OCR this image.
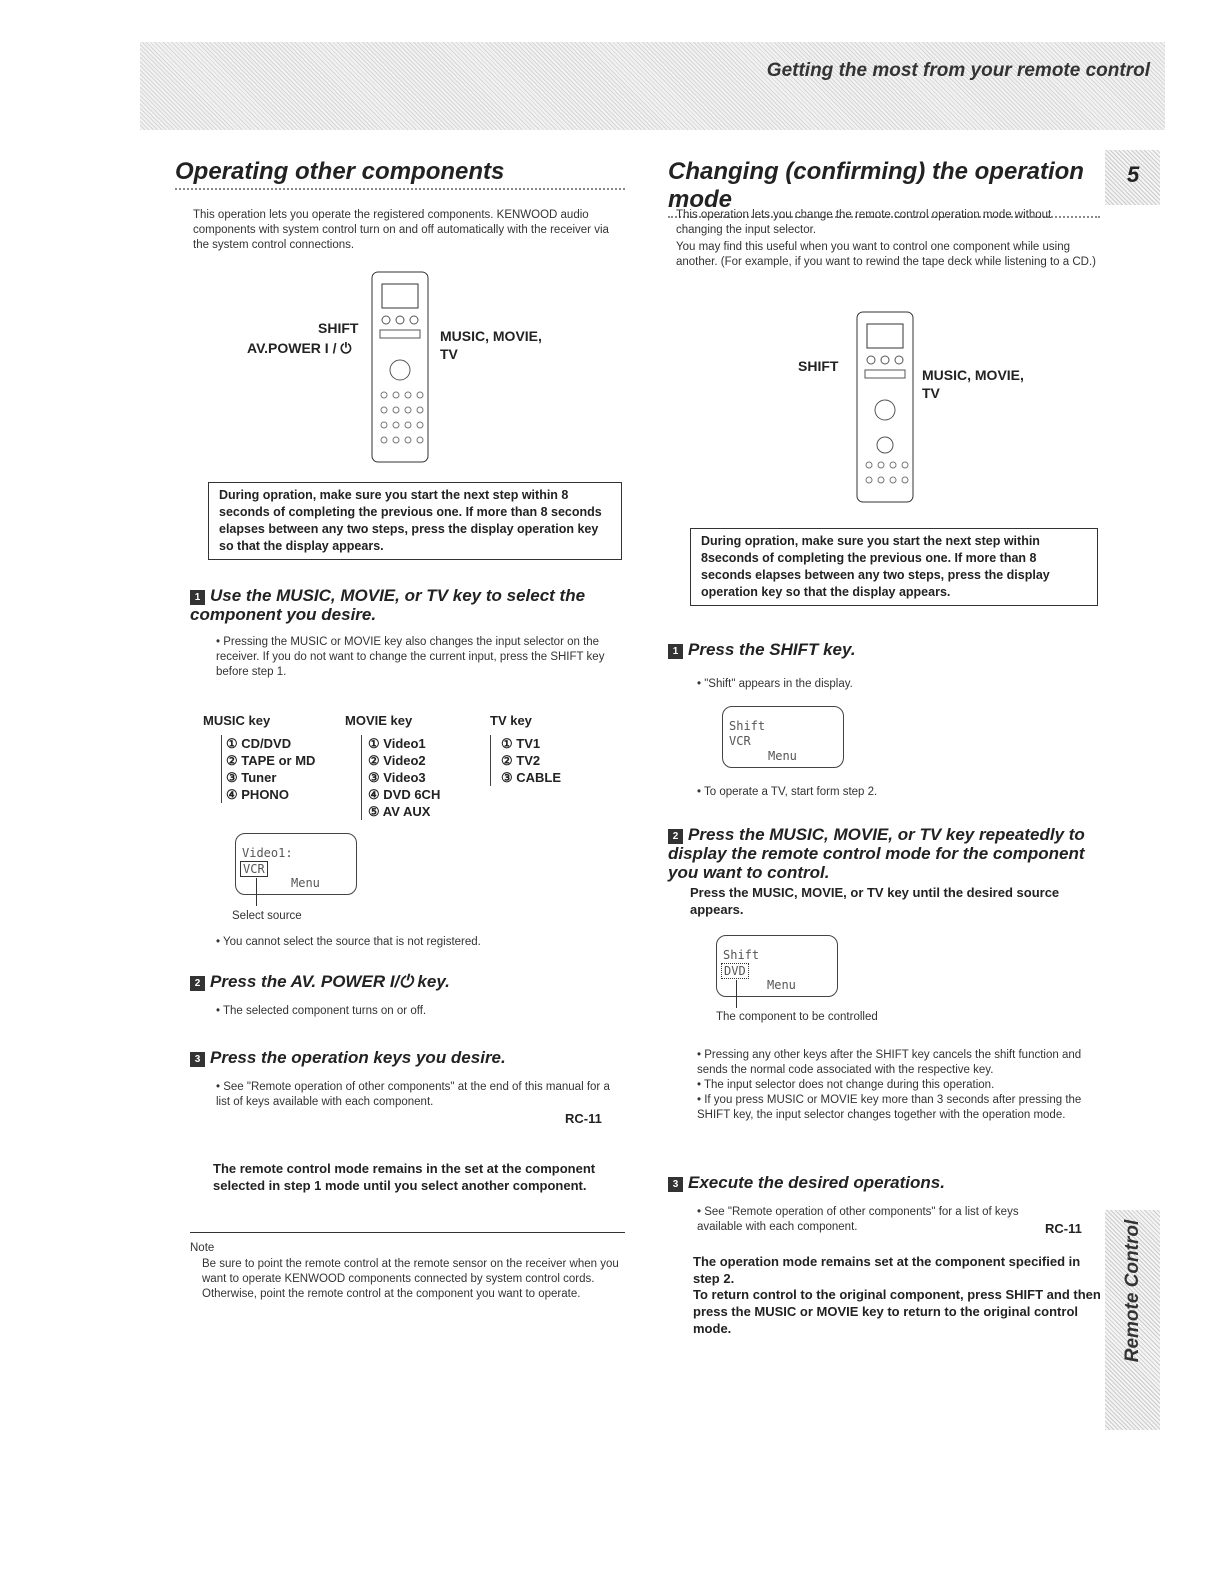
Getting the most from your remote control
5
Remote Control
Operating other components

This operation lets you operate the registered components. KENWOOD audio components with system control turn on and off automatically with the receiver via the system control connections.

SHIFT
AV.POWER I / ⏻
MUSIC, MOVIE,
TV
During opration, make sure you start the next step within 8 seconds of completing the previous one. If more than 8 seconds elapses between any two steps, press the display operation key so that the display appears.
1 Use the MUSIC, MOVIE, or TV key to select the component you desire.

• Pressing the MUSIC or MOVIE key also changes the input selector on the receiver. If you do not want to change the current input, press the SHIFT key before step 1.

MUSIC key
① CD/DVD
② TAPE or MD
③ Tuner
④ PHONO
MOVIE key
① Video1
② Video2
③ Video3
④ DVD 6CH
⑤ AV AUX
TV key
① TV1
② TV2
③ CABLE
Video1:
VCR
Menu
Select source

• You cannot select the source that is not registered.

2 Press the AV. POWER I/⏻ key.

• The selected component turns on or off.

3 Press the operation keys you desire.

• See "Remote operation of other components" at the end of this manual for a list of keys available with each component.

RC-11

The remote control mode remains in the set at the component selected in step 1 mode until you select another component.

Note

Be sure to point the remote control at the remote sensor on the receiver when you want to operate KENWOOD components connected by system control cords. Otherwise, point the remote control at the component you want to operate.

Changing (confirming) the operation mode

This operation lets you change the remote control operation mode without changing the input selector.

You may find this useful when you want to control one component while using another. (For example, if you want to rewind the tape deck while listening to a CD.)

SHIFT
MUSIC, MOVIE,
TV
During opration, make sure you start the next step within 8seconds of completing the previous one. If more than 8 seconds elapses between any two steps, press the display operation key so that the display appears.
1 Press the SHIFT key.

• "Shift" appears in the display.

Shift
VCR
Menu

• To operate a TV, start form step 2.

2 Press the MUSIC, MOVIE, or TV key repeatedly to display the remote control mode for the component you want to control.

Press the MUSIC, MOVIE, or TV key until the desired source appears.

Shift
DVD
Menu
The component to be controlled

• Pressing any other keys after the SHIFT key cancels the shift function and sends the normal code associated with the respective key.

• The input selector does not change during this operation.

• If you press MUSIC or MOVIE key more than 3 seconds after pressing the SHIFT key, the input selector changes together with the operation mode.

3 Execute the desired operations.

• See "Remote operation of other components" for a list of keys available with each component.	RC-11

The operation mode remains set at the component specified in step 2.

To return control to the original component, press SHIFT and then press the MUSIC or MOVIE key to return to the original control mode.
